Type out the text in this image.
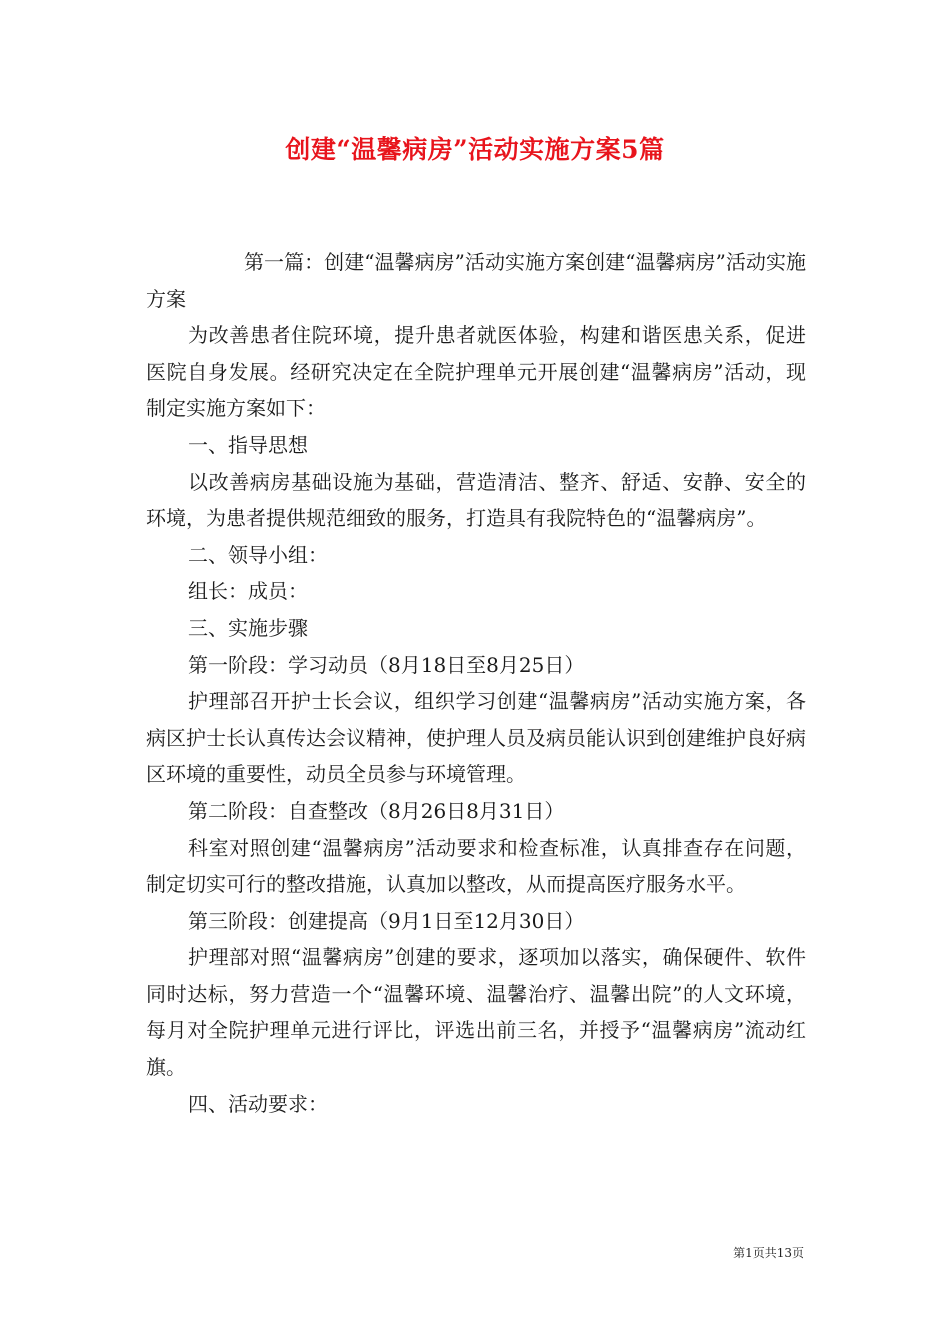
创建“温馨病房”活动实施方案5篇

第一篇：创建“温馨病房”活动实施方案创建“温馨病房”活动实施方案

为改善患者住院环境，提升患者就医体验，构建和谐医患关系，促进医院自身发展。经研究决定在全院护理单元开展创建“温馨病房”活动，现制定实施方案如下：

一、指导思想

以改善病房基础设施为基础，营造清洁、整齐、舒适、安静、安全的环境，为患者提供规范细致的服务，打造具有我院特色的“温馨病房”。

二、领导小组：

组长：成员：

三、实施步骤

第一阶段：学习动员（8月18日至8月25日）

护理部召开护士长会议，组织学习创建“温馨病房”活动实施方案，各病区护士长认真传达会议精神，使护理人员及病员能认识到创建维护良好病区环境的重要性，动员全员参与环境管理。

第二阶段：自查整改（8月26日8月31日）

科室对照创建“温馨病房”活动要求和检查标准，认真排查存在问题，制定切实可行的整改措施，认真加以整改，从而提高医疗服务水平。

第三阶段：创建提高（9月1日至12月30日）

护理部对照“温馨病房”创建的要求，逐项加以落实，确保硬件、软件同时达标，努力营造一个“温馨环境、温馨治疗、温馨出院”的人文环境，每月对全院护理单元进行评比，评选出前三名，并授予“温馨病房”流动红旗。

四、活动要求：

第1页共13页
